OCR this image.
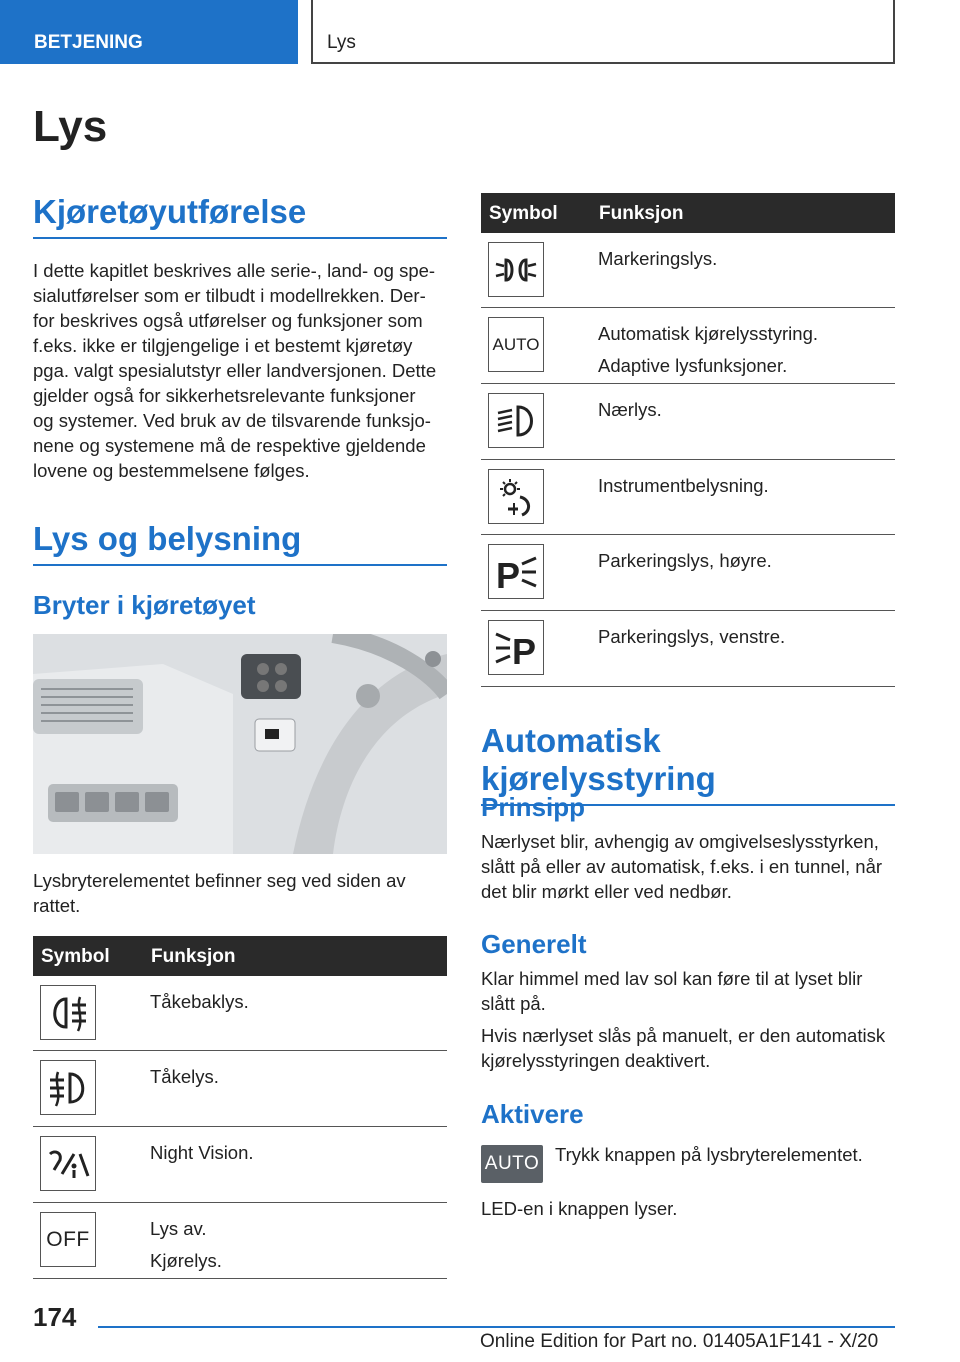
BETJENING	Lys
Lys
Kjøretøyutførelse
I dette kapitlet beskrives alle serie-, land- og spe-
sialutførelser som er tilbudt i modellrekken. Der-
for beskrives også utførelser og funksjoner som
f.eks. ikke er tilgjengelige i et bestemt kjøretøy
pga. valgt spesialutstyr eller landversjonen. Dette
gjelder også for sikkerhetsrelevante funksjoner
og systemer. Ved bruk av de tilsvarende funksjo-
nene og systemene må de respektive gjeldende
lovene og bestemmelsene følges.
Lys og belysning
Bryter i kjøretøyet
Lysbryterelementet befinner seg ved siden av
rattet.
Symbol Funksjon
Tåkebaklys.
Tåkelys.
Night Vision.
OFF	Lys av.
Kjørelys.
Symbol Funksjon
Markeringslys.
AUTO	Automatisk kjørelysstyring.
Adaptive lysfunksjoner.
Nærlys.
Instrumentbelysning.
P	Parkeringslys, høyre.
P	Parkeringslys, venstre.
Automatisk kjørelysstyring
Prinsipp
Nærlyset blir, avhengig av omgivelseslysstyrken,
slått på eller av automatisk, f.eks. i en tunnel, når
det blir mørkt eller ved nedbør.
Generelt
Klar himmel med lav sol kan føre til at lyset blir
slått på.
Hvis nærlyset slås på manuelt, er den automatisk
kjørelysstyringen deaktivert.
Aktivere
AUTO Trykk knappen på lysbryterelementet.
LED-en i knappen lyser.
174
Online Edition for Part no. 01405A1F141 - X/20
